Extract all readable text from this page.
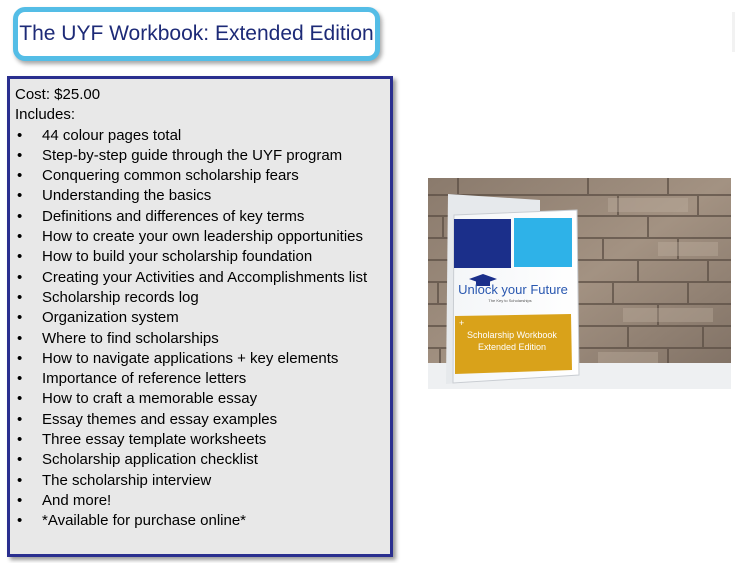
The UYF Workbook: Extended Edition
Cost: $25.00
Includes:
• 44 colour pages total
• Step-by-step guide through the UYF program
• Conquering common scholarship fears
• Understanding the basics
• Definitions and differences of key terms
• How to create your own leadership opportunities
• How to build your scholarship foundation
• Creating your Activities and Accomplishments list
• Scholarship records log
• Organization system
• Where to find scholarships
• How to navigate applications + key elements
• Importance of reference letters
• How to craft a memorable essay
• Essay themes and essay examples
• Three essay template worksheets
• Scholarship application checklist
• The scholarship interview
• And more!
• *Available for purchase online*
Unlock your Future
The Key to Scholarships
+
Scholarship Workbook
Extended Edition
